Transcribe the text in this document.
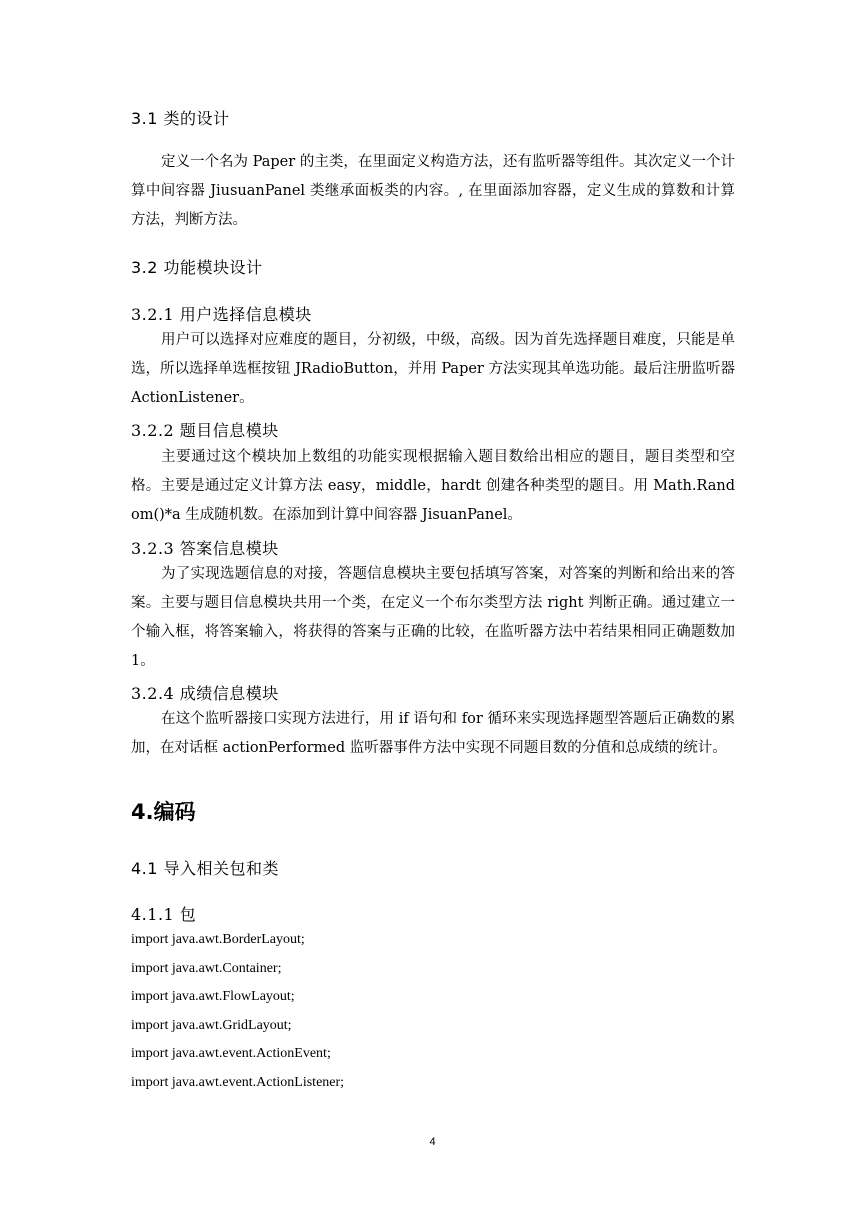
3.1 类的设计
定义一个名为 Paper 的主类，在里面定义构造方法，还有监听器等组件。其次定义一个计算中间容器 JiusuanPanel 类继承面板类的内容。, 在里面添加容器，定义生成的算数和计算方法，判断方法。
3.2 功能模块设计
3.2.1 用户选择信息模块
用户可以选择对应难度的题目，分初级，中级，高级。因为首先选择题目难度，只能是单选，所以选择单选框按钮 JRadioButton，并用 Paper 方法实现其单选功能。最后注册监听器 ActionListener。
3.2.2 题目信息模块
主要通过这个模块加上数组的功能实现根据输入题目数给出相应的题目，题目类型和空格。主要是通过定义计算方法 easy，middle，hardt 创建各种类型的题目。用 Math.Random()*a 生成随机数。在添加到计算中间容器 JisuanPanel。
3.2.3 答案信息模块
为了实现选题信息的对接，答题信息模块主要包括填写答案，对答案的判断和给出来的答案。主要与题目信息模块共用一个类，在定义一个布尔类型方法 right 判断正确。通过建立一个输入框，将答案输入，将获得的答案与正确的比较，在监听器方法中若结果相同正确题数加 1。
3.2.4 成绩信息模块
在这个监听器接口实现方法进行，用 if 语句和 for 循环来实现选择题型答题后正确数的累加，在对话框 actionPerformed 监听器事件方法中实现不同题目数的分值和总成绩的统计。
4.编码
4.1 导入相关包和类
4.1.1 包
import java.awt.BorderLayout;
import java.awt.Container;
import java.awt.FlowLayout;
import java.awt.GridLayout;
import java.awt.event.ActionEvent;
import java.awt.event.ActionListener;
4
